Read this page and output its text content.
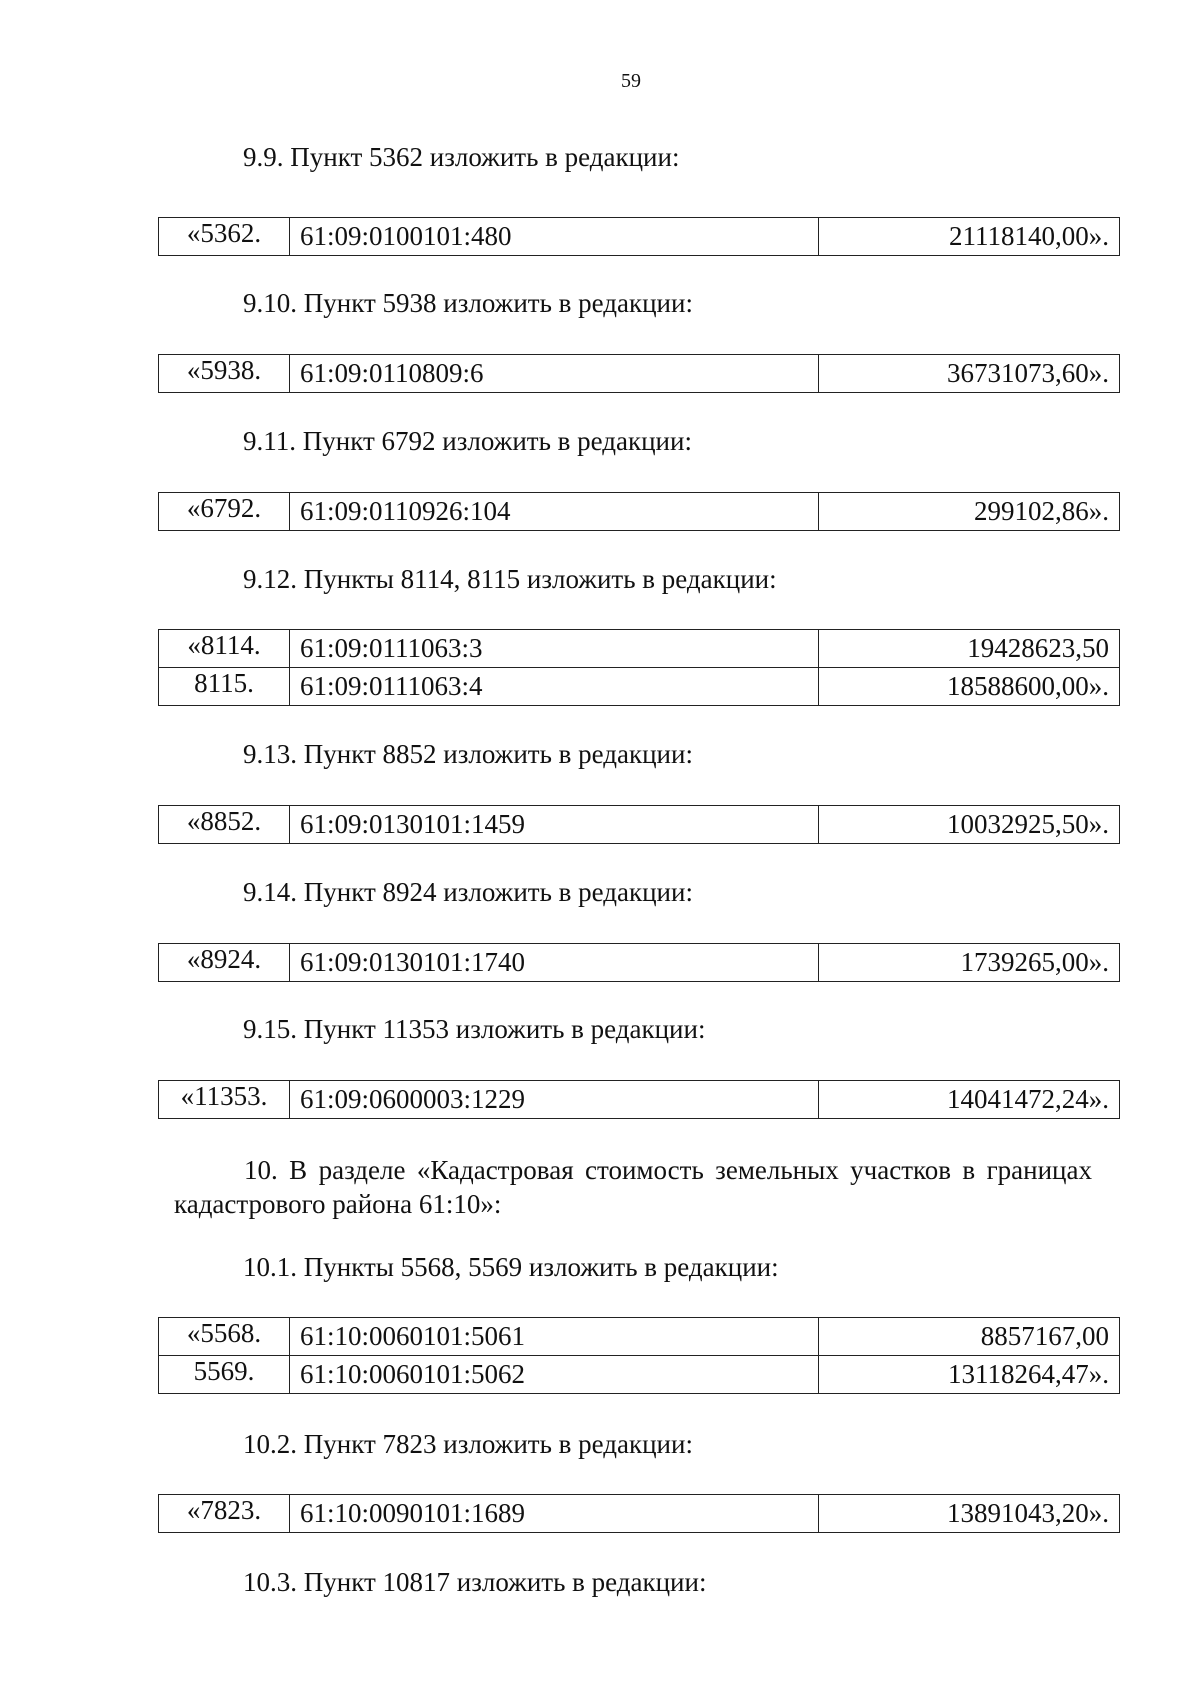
59
9.9. Пункт 5362 изложить в редакции:
«5362.	61:09:0100101:480	21118140,00».
9.10. Пункт 5938 изложить в редакции:
«5938.	61:09:0110809:6	36731073,60».
9.11. Пункт 6792 изложить в редакции:
«6792.	61:09:0110926:104	299102,86».
9.12. Пункты 8114, 8115 изложить в редакции:
«8114.	61:09:0111063:3	19428623,50
8115.	61:09:0111063:4	18588600,00».
9.13. Пункт 8852 изложить в редакции:
«8852.	61:09:0130101:1459	10032925,50».
9.14. Пункт 8924 изложить в редакции:
«8924.	61:09:0130101:1740	1739265,00».
9.15. Пункт 11353 изложить в редакции:
«11353.	61:09:0600003:1229	14041472,24».
10. В разделе «Кадастровая стоимость земельных участков в границах кадастрового района 61:10»:
10.1. Пункты 5568, 5569 изложить в редакции:
«5568.	61:10:0060101:5061	8857167,00
5569.	61:10:0060101:5062	13118264,47».
10.2. Пункт 7823 изложить в редакции:
«7823.	61:10:0090101:1689	13891043,20».
10.3. Пункт 10817 изложить в редакции:
